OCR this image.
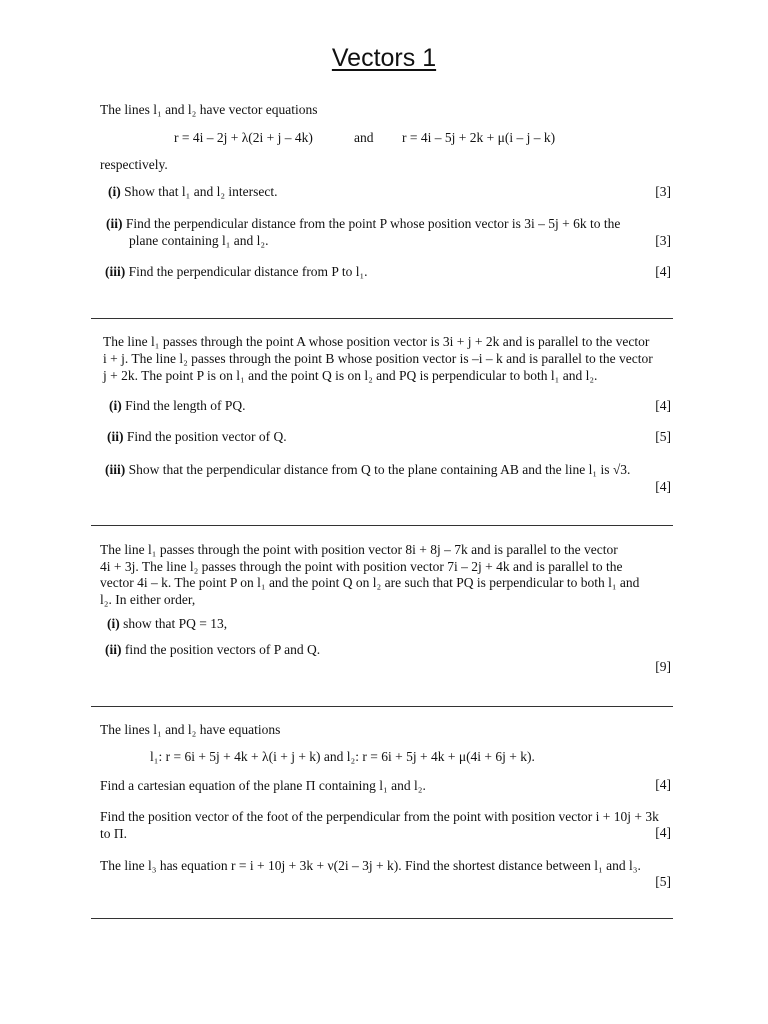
Vectors 1
The lines l₁ and l₂ have vector equations
r = 4i – 2j + λ(2i + j – 4k)	and r = 4i – 5j + 2k + μ(i – j – k)
respectively.
(i) Show that l₁ and l₂ intersect.	[3]
(ii) Find the perpendicular distance from the point P whose position vector is 3i – 5j + 6k to the
plane containing l₁ and l₂.	[3]
(iii) Find the perpendicular distance from P to l₁.	[4]
The line l₁ passes through the point A whose position vector is 3i + j + 2k and is parallel to the vector
i + j. The line l₂ passes through the point B whose position vector is –i – k and is parallel to the vector
j + 2k. The point P is on l₁ and the point Q is on l₂ and PQ is perpendicular to both l₁ and l₂.
(i) Find the length of PQ.	[4]
(ii) Find the position vector of Q.	[5]
(iii) Show that the perpendicular distance from Q to the plane containing AB and the line l₁ is √3.
[4]
The line l₁ passes through the point with position vector 8i + 8j – 7k and is parallel to the vector
4i + 3j. The line l₂ passes through the point with position vector 7i – 2j + 4k and is parallel to the
vector 4i – k. The point P on l₁ and the point Q on l₂ are such that PQ is perpendicular to both l₁ and
l₂. In either order,
(i) show that PQ = 13,
(ii) find the position vectors of P and Q.
[9]
The lines l₁ and l₂ have equations
l₁: r = 6i + 5j + 4k + λ(i + j + k) and l₂: r = 6i + 5j + 4k + μ(4i + 6j + k).
Find a cartesian equation of the plane Π containing l₁ and l₂.	[4]
Find the position vector of the foot of the perpendicular from the point with position vector i + 10j + 3k
to Π.	[4]
The line l₃ has equation r = i + 10j + 3k + ν(2i – 3j + k). Find the shortest distance between l₁ and l₃.
[5]
